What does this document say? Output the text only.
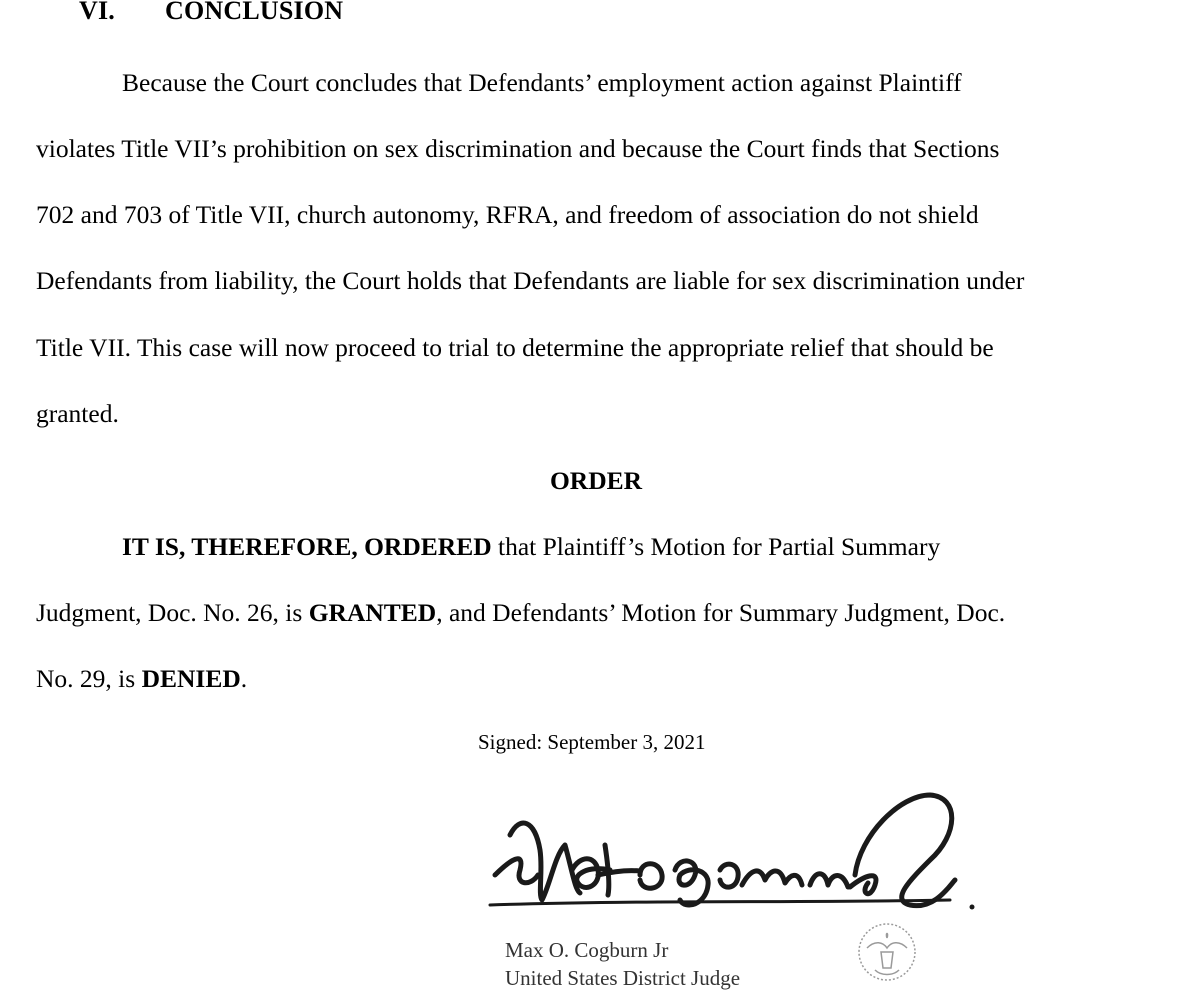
VI. CONCLUSION
Because the Court concludes that Defendants’ employment action against Plaintiff
violates Title VII’s prohibition on sex discrimination and because the Court finds that Sections
702 and 703 of Title VII, church autonomy, RFRA, and freedom of association do not shield
Defendants from liability, the Court holds that Defendants are liable for sex discrimination under
Title VII. This case will now proceed to trial to determine the appropriate relief that should be
granted.
ORDER
IT IS, THEREFORE, ORDERED that Plaintiff’s Motion for Partial Summary
Judgment, Doc. No. 26, is GRANTED, and Defendants’ Motion for Summary Judgment, Doc.
No. 29, is DENIED.
Signed: September 3, 2021
Max O. Cogburn Jr
United States District Judge
